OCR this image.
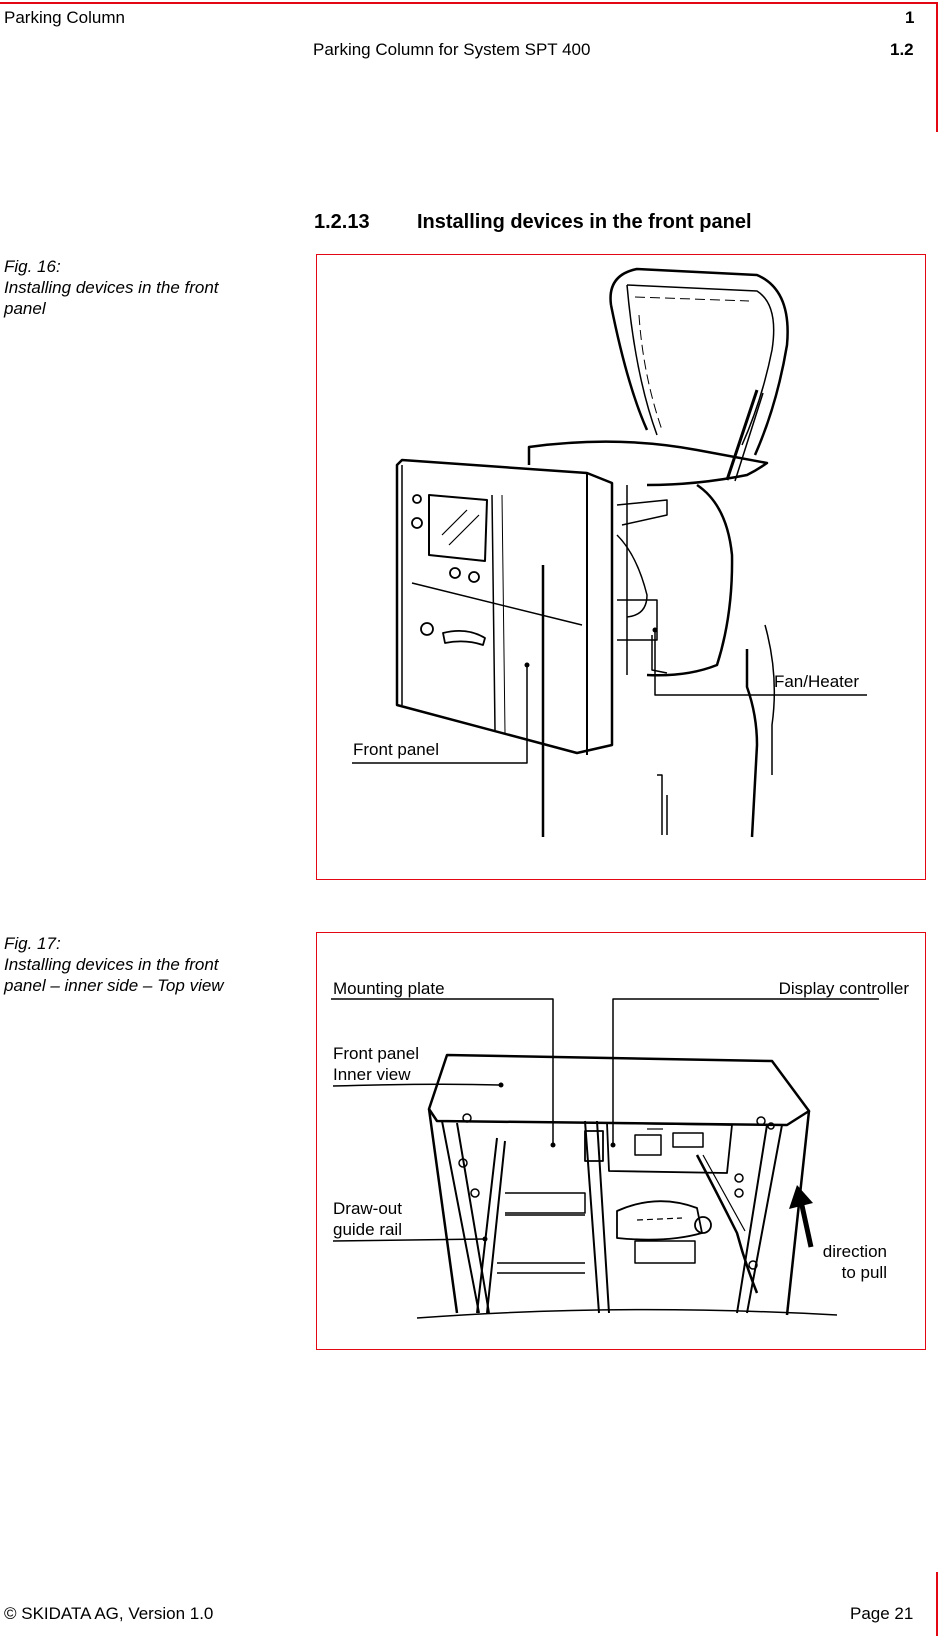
Parking Column	1
Parking Column for System SPT 400	1.2
1.2.13 Installing devices in the front panel
Fig. 16:
Installing devices in the front panel
Fan/Heater
Front panel
Fig. 17:
Installing devices in the front panel – inner side – Top view	Mounting plate	Display controller
Front panel
Inner view
Draw-out
guide rail
direction
to pull
© SKIDATA AG, Version 1.0	Page 21
